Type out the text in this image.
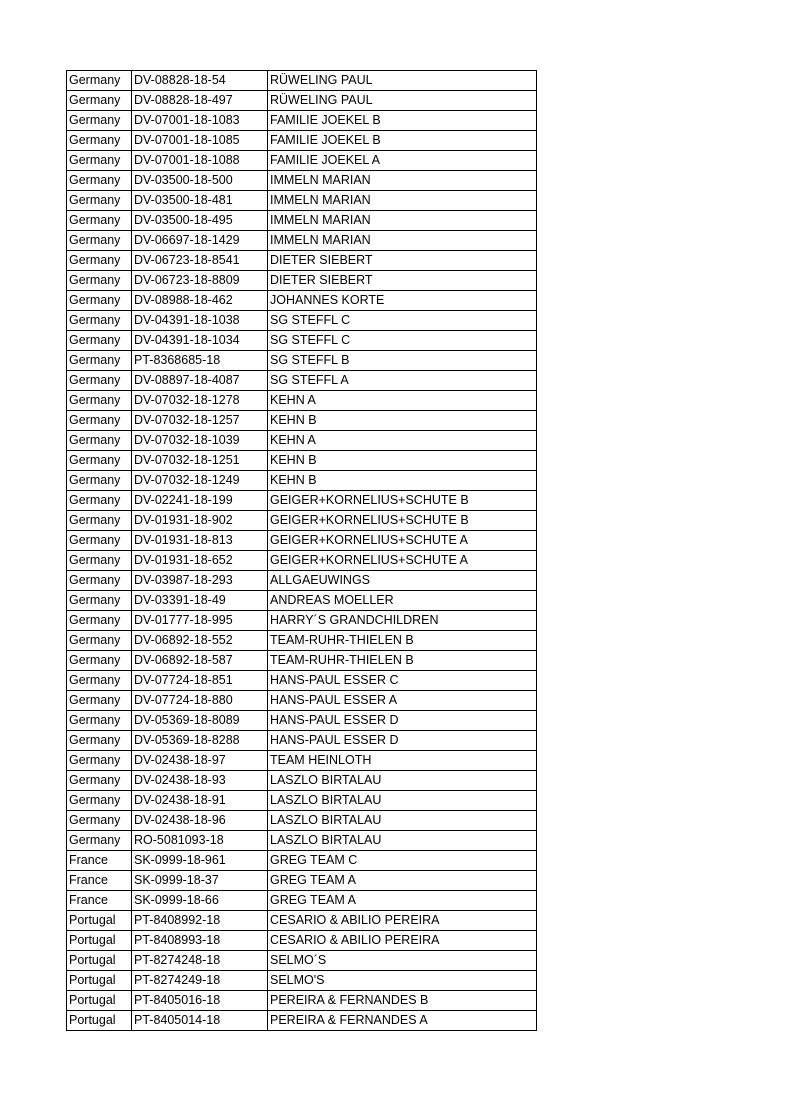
Germany	DV-08828-18-54	RÜWELING PAUL
Germany	DV-08828-18-497	RÜWELING PAUL
Germany	DV-07001-18-1083	FAMILIE JOEKEL B
Germany	DV-07001-18-1085	FAMILIE JOEKEL B
Germany	DV-07001-18-1088	FAMILIE JOEKEL A
Germany	DV-03500-18-500	IMMELN MARIAN
Germany	DV-03500-18-481	IMMELN MARIAN
Germany	DV-03500-18-495	IMMELN MARIAN
Germany	DV-06697-18-1429	IMMELN MARIAN
Germany	DV-06723-18-8541	DIETER SIEBERT
Germany	DV-06723-18-8809	DIETER SIEBERT
Germany	DV-08988-18-462	JOHANNES KORTE
Germany	DV-04391-18-1038	SG STEFFL C
Germany	DV-04391-18-1034	SG STEFFL C
Germany	PT-8368685-18	SG STEFFL B
Germany	DV-08897-18-4087	SG STEFFL A
Germany	DV-07032-18-1278	KEHN A
Germany	DV-07032-18-1257	KEHN B
Germany	DV-07032-18-1039	KEHN A
Germany	DV-07032-18-1251	KEHN B
Germany	DV-07032-18-1249	KEHN B
Germany	DV-02241-18-199	GEIGER+KORNELIUS+SCHUTE B
Germany	DV-01931-18-902	GEIGER+KORNELIUS+SCHUTE B
Germany	DV-01931-18-813	GEIGER+KORNELIUS+SCHUTE A
Germany	DV-01931-18-652	GEIGER+KORNELIUS+SCHUTE A
Germany	DV-03987-18-293	ALLGAEUWINGS
Germany	DV-03391-18-49	ANDREAS MOELLER
Germany	DV-01777-18-995	HARRY´S GRANDCHILDREN
Germany	DV-06892-18-552	TEAM-RUHR-THIELEN B
Germany	DV-06892-18-587	TEAM-RUHR-THIELEN B
Germany	DV-07724-18-851	HANS-PAUL ESSER C
Germany	DV-07724-18-880	HANS-PAUL ESSER A
Germany	DV-05369-18-8089	HANS-PAUL ESSER D
Germany	DV-05369-18-8288	HANS-PAUL ESSER D
Germany	DV-02438-18-97	TEAM HEINLOTH
Germany	DV-02438-18-93	LASZLO BIRTALAU
Germany	DV-02438-18-91	LASZLO BIRTALAU
Germany	DV-02438-18-96	LASZLO BIRTALAU
Germany	RO-5081093-18	LASZLO BIRTALAU
France	SK-0999-18-961	GREG TEAM C
France	SK-0999-18-37	GREG TEAM A
France	SK-0999-18-66	GREG TEAM A
Portugal	PT-8408992-18	CESARIO & ABILIO PEREIRA
Portugal	PT-8408993-18	CESARIO & ABILIO PEREIRA
Portugal	PT-8274248-18	SELMO´S
Portugal	PT-8274249-18	SELMO'S
Portugal	PT-8405016-18	PEREIRA & FERNANDES B
Portugal	PT-8405014-18	PEREIRA & FERNANDES A
